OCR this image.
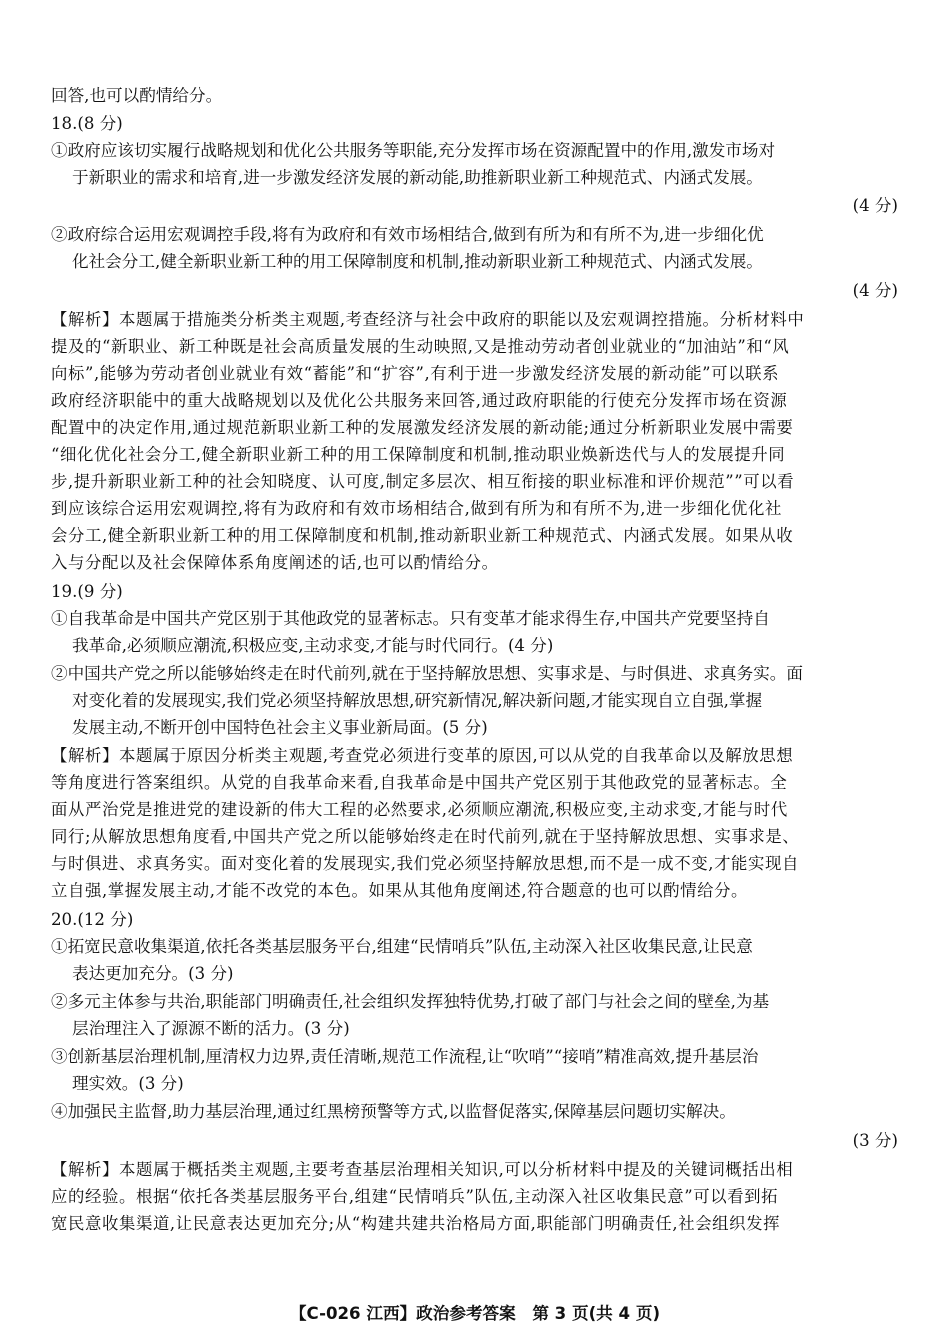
回答,也可以酌情给分。
18.(8 分)
①政府应该切实履行战略规划和优化公共服务等职能,充分发挥市场在资源配置中的作用,激发市场对
于新职业的需求和培育,进一步激发经济发展的新动能,助推新职业新工种规范式、内涵式发展。
(4 分)
②政府综合运用宏观调控手段,将有为政府和有效市场相结合,做到有所为和有所不为,进一步细化优
化社会分工,健全新职业新工种的用工保障制度和机制,推动新职业新工种规范式、内涵式发展。
(4 分)
【解析】本题属于措施类分析类主观题,考查经济与社会中政府的职能以及宏观调控措施。分析材料中
提及的“新职业、新工种既是社会高质量发展的生动映照,又是推动劳动者创业就业的“加油站”和“风
向标”,能够为劳动者创业就业有效“蓄能”和“扩容”,有利于进一步激发经济发展的新动能”可以联系
政府经济职能中的重大战略规划以及优化公共服务来回答,通过政府职能的行使充分发挥市场在资源
配置中的决定作用,通过规范新职业新工种的发展激发经济发展的新动能;通过分析新职业发展中需要
“细化优化社会分工,健全新职业新工种的用工保障制度和机制,推动职业焕新迭代与人的发展提升同
步,提升新职业新工种的社会知晓度、认可度,制定多层次、相互衔接的职业标准和评价规范””可以看
到应该综合运用宏观调控,将有为政府和有效市场相结合,做到有所为和有所不为,进一步细化优化社
会分工,健全新职业新工种的用工保障制度和机制,推动新职业新工种规范式、内涵式发展。如果从收
入与分配以及社会保障体系角度阐述的话,也可以酌情给分。
19.(9 分)
①自我革命是中国共产党区别于其他政党的显著标志。只有变革才能求得生存,中国共产党要坚持自
我革命,必须顺应潮流,积极应变,主动求变,才能与时代同行。(4 分)
②中国共产党之所以能够始终走在时代前列,就在于坚持解放思想、实事求是、与时俱进、求真务实。面
对变化着的发展现实,我们党必须坚持解放思想,研究新情况,解决新问题,才能实现自立自强,掌握
发展主动,不断开创中国特色社会主义事业新局面。(5 分)
【解析】本题属于原因分析类主观题,考查党必须进行变革的原因,可以从党的自我革命以及解放思想
等角度进行答案组织。从党的自我革命来看,自我革命是中国共产党区别于其他政党的显著标志。全
面从严治党是推进党的建设新的伟大工程的必然要求,必须顺应潮流,积极应变,主动求变,才能与时代
同行;从解放思想角度看,中国共产党之所以能够始终走在时代前列,就在于坚持解放思想、实事求是、
与时俱进、求真务实。面对变化着的发展现实,我们党必须坚持解放思想,而不是一成不变,才能实现自
立自强,掌握发展主动,才能不改党的本色。如果从其他角度阐述,符合题意的也可以酌情给分。
20.(12 分)
①拓宽民意收集渠道,依托各类基层服务平台,组建“民情哨兵”队伍,主动深入社区收集民意,让民意
表达更加充分。(3 分)
②多元主体参与共治,职能部门明确责任,社会组织发挥独特优势,打破了部门与社会之间的壁垒,为基
层治理注入了源源不断的活力。(3 分)
③创新基层治理机制,厘清权力边界,责任清晰,规范工作流程,让“吹哨”“接哨”精准高效,提升基层治
理实效。(3 分)
④加强民主监督,助力基层治理,通过红黑榜预警等方式,以监督促落实,保障基层问题切实解决。
(3 分)
【解析】本题属于概括类主观题,主要考查基层治理相关知识,可以分析材料中提及的关键词概括出相
应的经验。根据“依托各类基层服务平台,组建“民情哨兵”队伍,主动深入社区收集民意”可以看到拓
宽民意收集渠道,让民意表达更加充分;从“构建共建共治格局方面,职能部门明确责任,社会组织发挥
【C-026 江西】政治参考答案　第 3 页(共 4 页)
